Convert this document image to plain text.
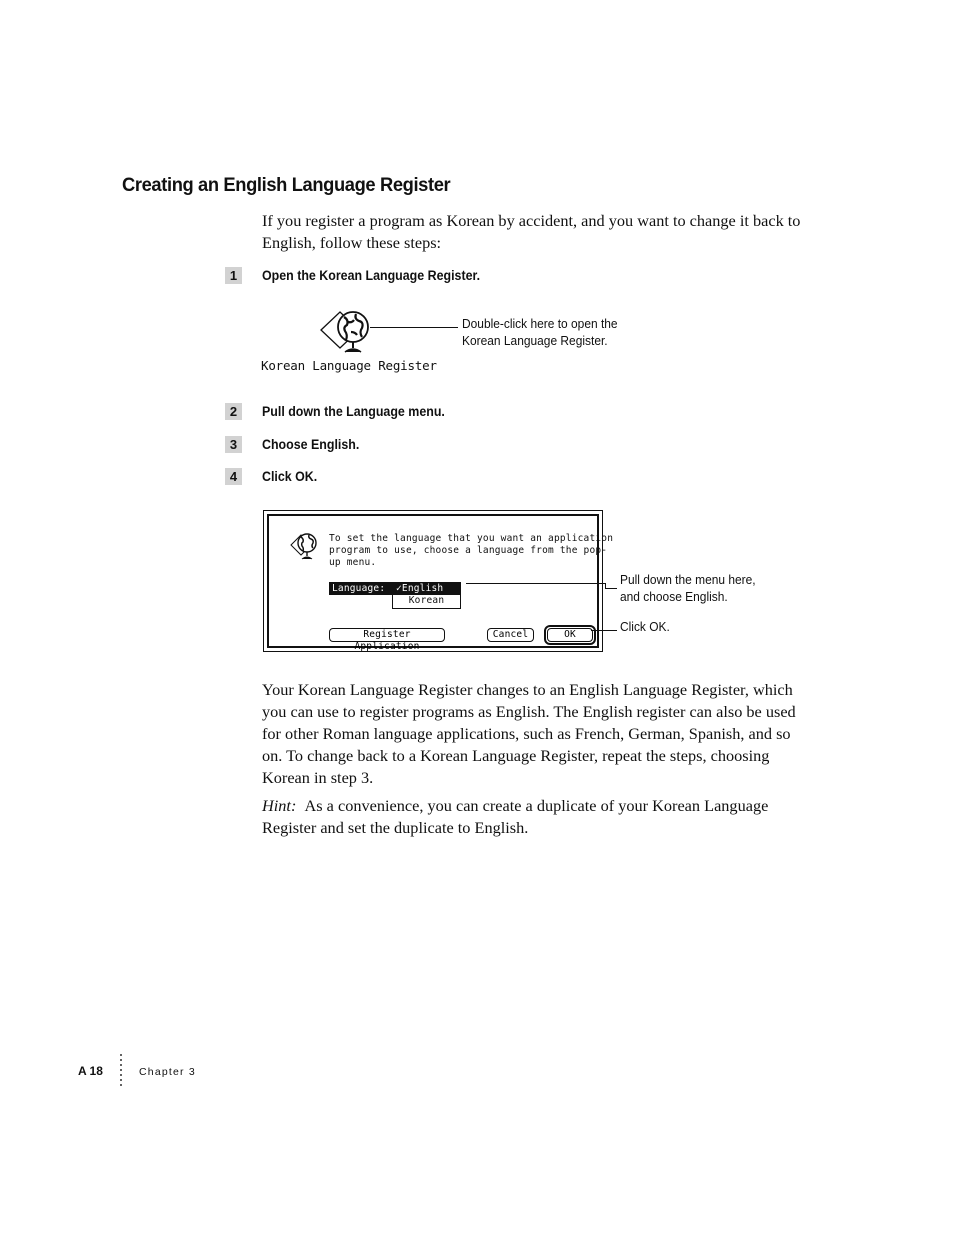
Creating an English Language Register

If you register a program as Korean by accident, and you want to change it back to English, follow these steps:

1	Open the Korean Language Register.
Double-click here to open the
Korean Language Register.
Korean Language Register
2	Pull down the Language menu.
3	Choose English.
4	Click OK.
To set the language that you want an application
program to use, choose a language from the pop-
up menu.
Language:	✓English
Korean
Register Application
Cancel	OK
Pull down the menu here,
and choose English.
Click OK.

Your Korean Language Register changes to an English Language Register, which you can use to register programs as English. The English register can also be used for other Roman language applications, such as French, German, Spanish, and so on. To change back to a Korean Language Register, repeat the steps, choosing Korean in step 3.

Hint: As a convenience, you can create a duplicate of your Korean Language Register and set the duplicate to English.

A 18	Chapter 3
